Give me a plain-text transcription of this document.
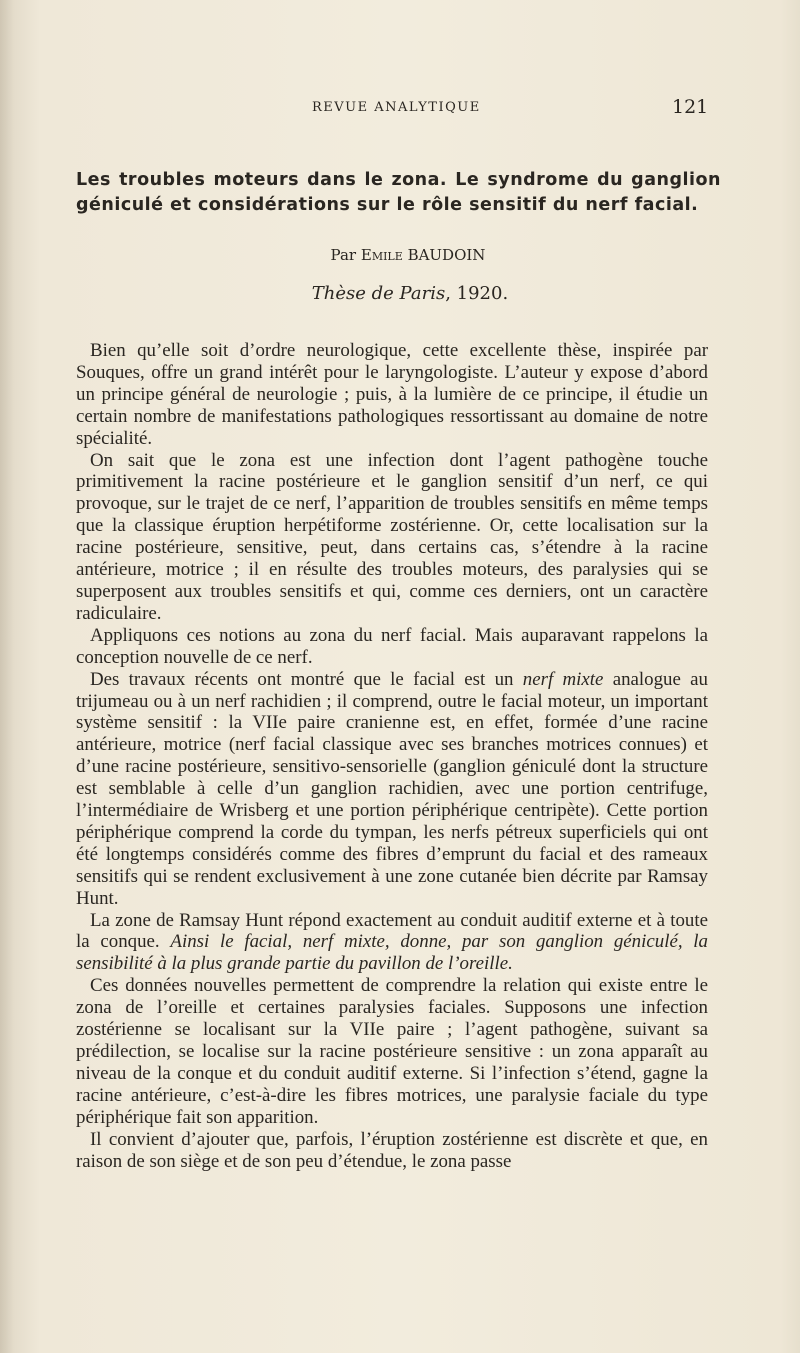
REVUE ANALYTIQUE	121
Les troubles moteurs dans le zona. Le syndrome du ganglion géniculé et considérations sur le rôle sensitif du nerf facial.
Par Emile BAUDOIN
Thèse de Paris, 1920.

Bien qu’elle soit d’ordre neurologique, cette excellente thèse, inspirée par Souques, offre un grand intérêt pour le laryngologiste. L’auteur y expose d’abord un principe général de neurologie ; puis, à la lumière de ce principe, il étudie un certain nombre de manifestations pathologiques ressortissant au domaine de notre spécialité.

On sait que le zona est une infection dont l’agent pathogène touche primitivement la racine postérieure et le ganglion sensitif d’un nerf, ce qui provoque, sur le trajet de ce nerf, l’apparition de troubles sensitifs en même temps que la classique éruption herpétiforme zostérienne. Or, cette localisation sur la racine postérieure, sensitive, peut, dans certains cas, s’étendre à la racine antérieure, motrice ; il en résulte des troubles moteurs, des paralysies qui se superposent aux troubles sensitifs et qui, comme ces derniers, ont un caractère radiculaire.

Appliquons ces notions au zona du nerf facial. Mais auparavant rappelons la conception nouvelle de ce nerf.

Des travaux récents ont montré que le facial est un nerf mixte analogue au trijumeau ou à un nerf rachidien ; il comprend, outre le facial moteur, un important système sensitif : la VIIe paire cranienne est, en effet, formée d’une racine antérieure, motrice (nerf facial classique avec ses branches motrices connues) et d’une racine postérieure, sensitivo-sensorielle (ganglion géniculé dont la structure est semblable à celle d’un ganglion rachidien, avec une portion centrifuge, l’intermédiaire de Wrisberg et une portion périphérique centripète). Cette portion périphérique comprend la corde du tympan, les nerfs pétreux superficiels qui ont été longtemps considérés comme des fibres d’emprunt du facial et des rameaux sensitifs qui se rendent exclusivement à une zone cutanée bien décrite par Ramsay Hunt.

La zone de Ramsay Hunt répond exactement au conduit auditif externe et à toute la conque. Ainsi le facial, nerf mixte, donne, par son ganglion géniculé, la sensibilité à la plus grande partie du pavillon de l’oreille.

Ces données nouvelles permettent de comprendre la relation qui existe entre le zona de l’oreille et certaines paralysies faciales. Supposons une infection zostérienne se localisant sur la VIIe paire ; l’agent pathogène, suivant sa prédilection, se localise sur la racine postérieure sensitive : un zona apparaît au niveau de la conque et du conduit auditif externe. Si l’infection s’étend, gagne la racine antérieure, c’est-à-dire les fibres motrices, une paralysie faciale du type périphérique fait son apparition.

Il convient d’ajouter que, parfois, l’éruption zostérienne est discrète et que, en raison de son siège et de son peu d’étendue, le zona passe
